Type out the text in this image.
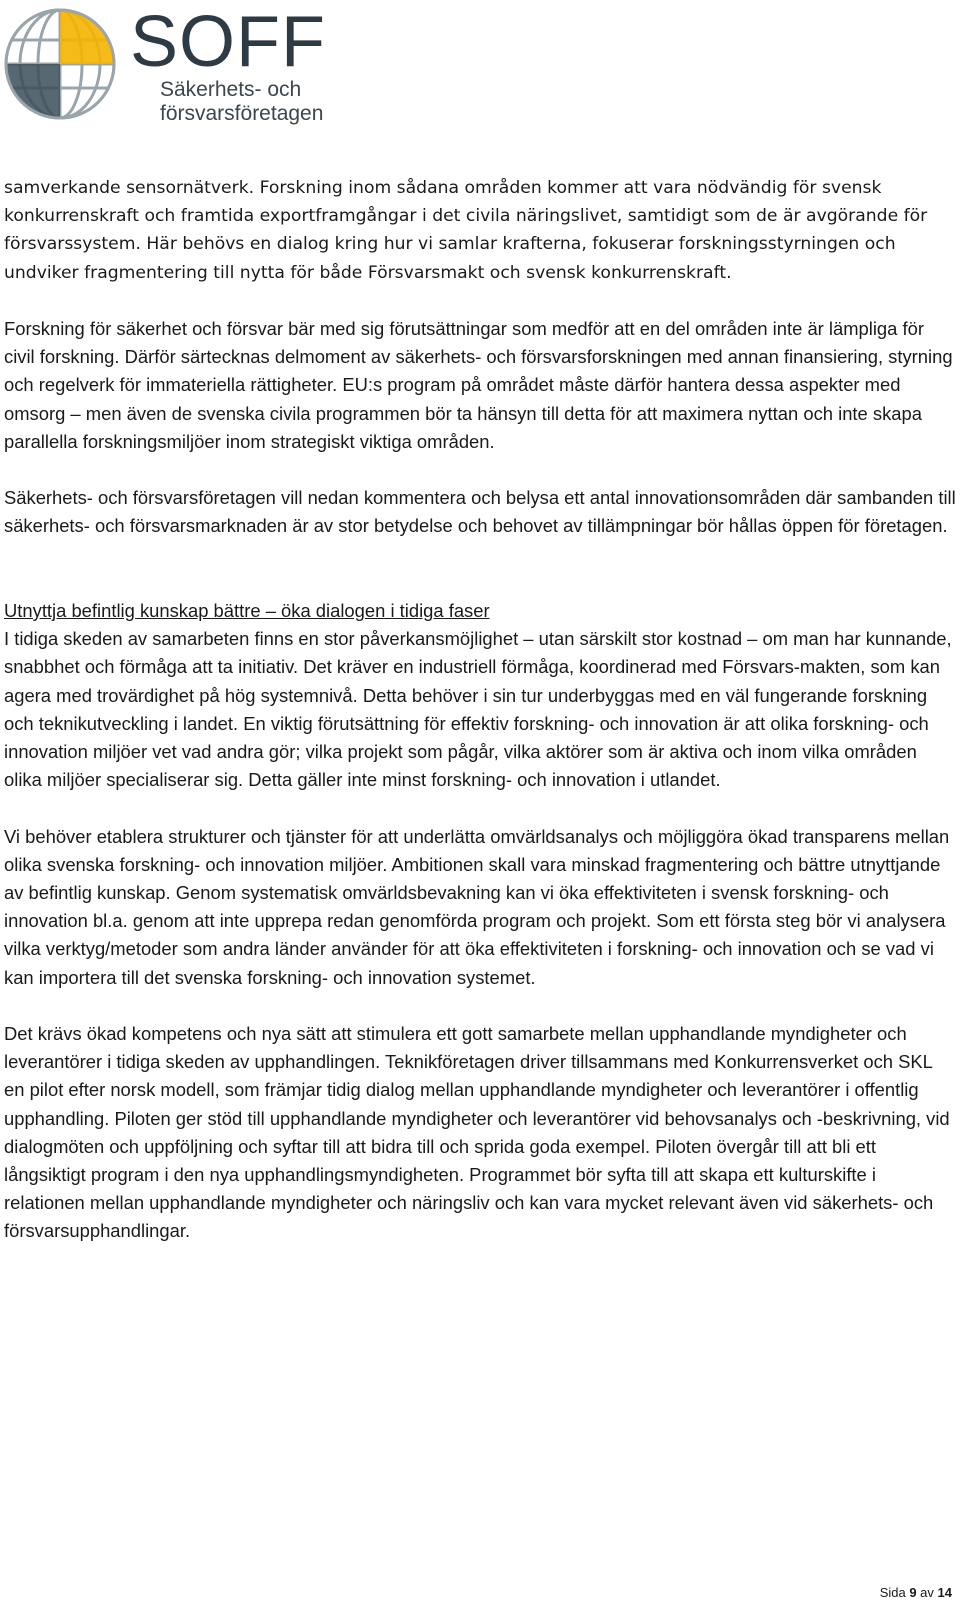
SOFF
Säkerhets- och
försvarsföretagen

samverkande sensornätverk. Forskning inom sådana områden kommer att vara nödvändig för svensk konkurrenskraft och framtida exportframgångar i det civila näringslivet, samtidigt som de är avgörande för försvarssystem. Här behövs en dialog kring hur vi samlar krafterna, fokuserar forskningsstyrningen och undviker fragmentering till nytta för både Försvarsmakt och svensk konkurrenskraft.

Forskning för säkerhet och försvar bär med sig förutsättningar som medför att en del områden inte är lämpliga för civil forskning. Därför särtecknas delmoment av säkerhets- och försvarsforskningen med annan finansiering, styrning och regelverk för immateriella rättigheter. EU:s program på området måste därför hantera dessa aspekter med omsorg – men även de svenska civila programmen bör ta hänsyn till detta för att maximera nyttan och inte skapa parallella forskningsmiljöer inom strategiskt viktiga områden.

Säkerhets- och försvarsföretagen vill nedan kommentera och belysa ett antal innovationsområden där sambanden till säkerhets- och försvarsmarknaden är av stor betydelse och behovet av tillämpningar bör hållas öppen för företagen.

Utnyttja befintlig kunskap bättre – öka dialogen i tidiga faser

I tidiga skeden av samarbeten finns en stor påverkansmöjlighet – utan särskilt stor kostnad – om man har kunnande, snabbhet och förmåga att ta initiativ. Det kräver en industriell förmåga, koordinerad med Försvars-makten, som kan agera med trovärdighet på hög systemnivå. Detta behöver i sin tur underbyggas med en väl fungerande forskning och teknikutveckling i landet. En viktig förutsättning för effektiv forskning- och innovation är att olika forskning- och innovation miljöer vet vad andra gör; vilka projekt som pågår, vilka aktörer som är aktiva och inom vilka områden olika miljöer specialiserar sig. Detta gäller inte minst forskning- och innovation i utlandet.

Vi behöver etablera strukturer och tjänster för att underlätta omvärldsanalys och möjliggöra ökad transparens mellan olika svenska forskning- och innovation miljöer. Ambitionen skall vara minskad fragmentering och bättre utnyttjande av befintlig kunskap. Genom systematisk omvärldsbevakning kan vi öka effektiviteten i svensk forskning- och innovation bl.a. genom att inte upprepa redan genomförda program och projekt. Som ett första steg bör vi analysera vilka verktyg/metoder som andra länder använder för att öka effektiviteten i forskning- och innovation och se vad vi kan importera till det svenska forskning- och innovation systemet.

Det krävs ökad kompetens och nya sätt att stimulera ett gott samarbete mellan upphandlande myndigheter och leverantörer i tidiga skeden av upphandlingen. Teknikföretagen driver tillsammans med Konkurrensverket och SKL en pilot efter norsk modell, som främjar tidig dialog mellan upphandlande myndigheter och leverantörer i offentlig upphandling. Piloten ger stöd till upphandlande myndigheter och leverantörer vid behovsanalys och -beskrivning, vid dialogmöten och uppföljning och syftar till att bidra till och sprida goda exempel. Piloten övergår till att bli ett långsiktigt program i den nya upphandlingsmyndigheten. Programmet bör syfta till att skapa ett kulturskifte i relationen mellan upphandlande myndigheter och näringsliv och kan vara mycket relevant även vid säkerhets- och försvarsupphandlingar.

Sida 9 av 14
